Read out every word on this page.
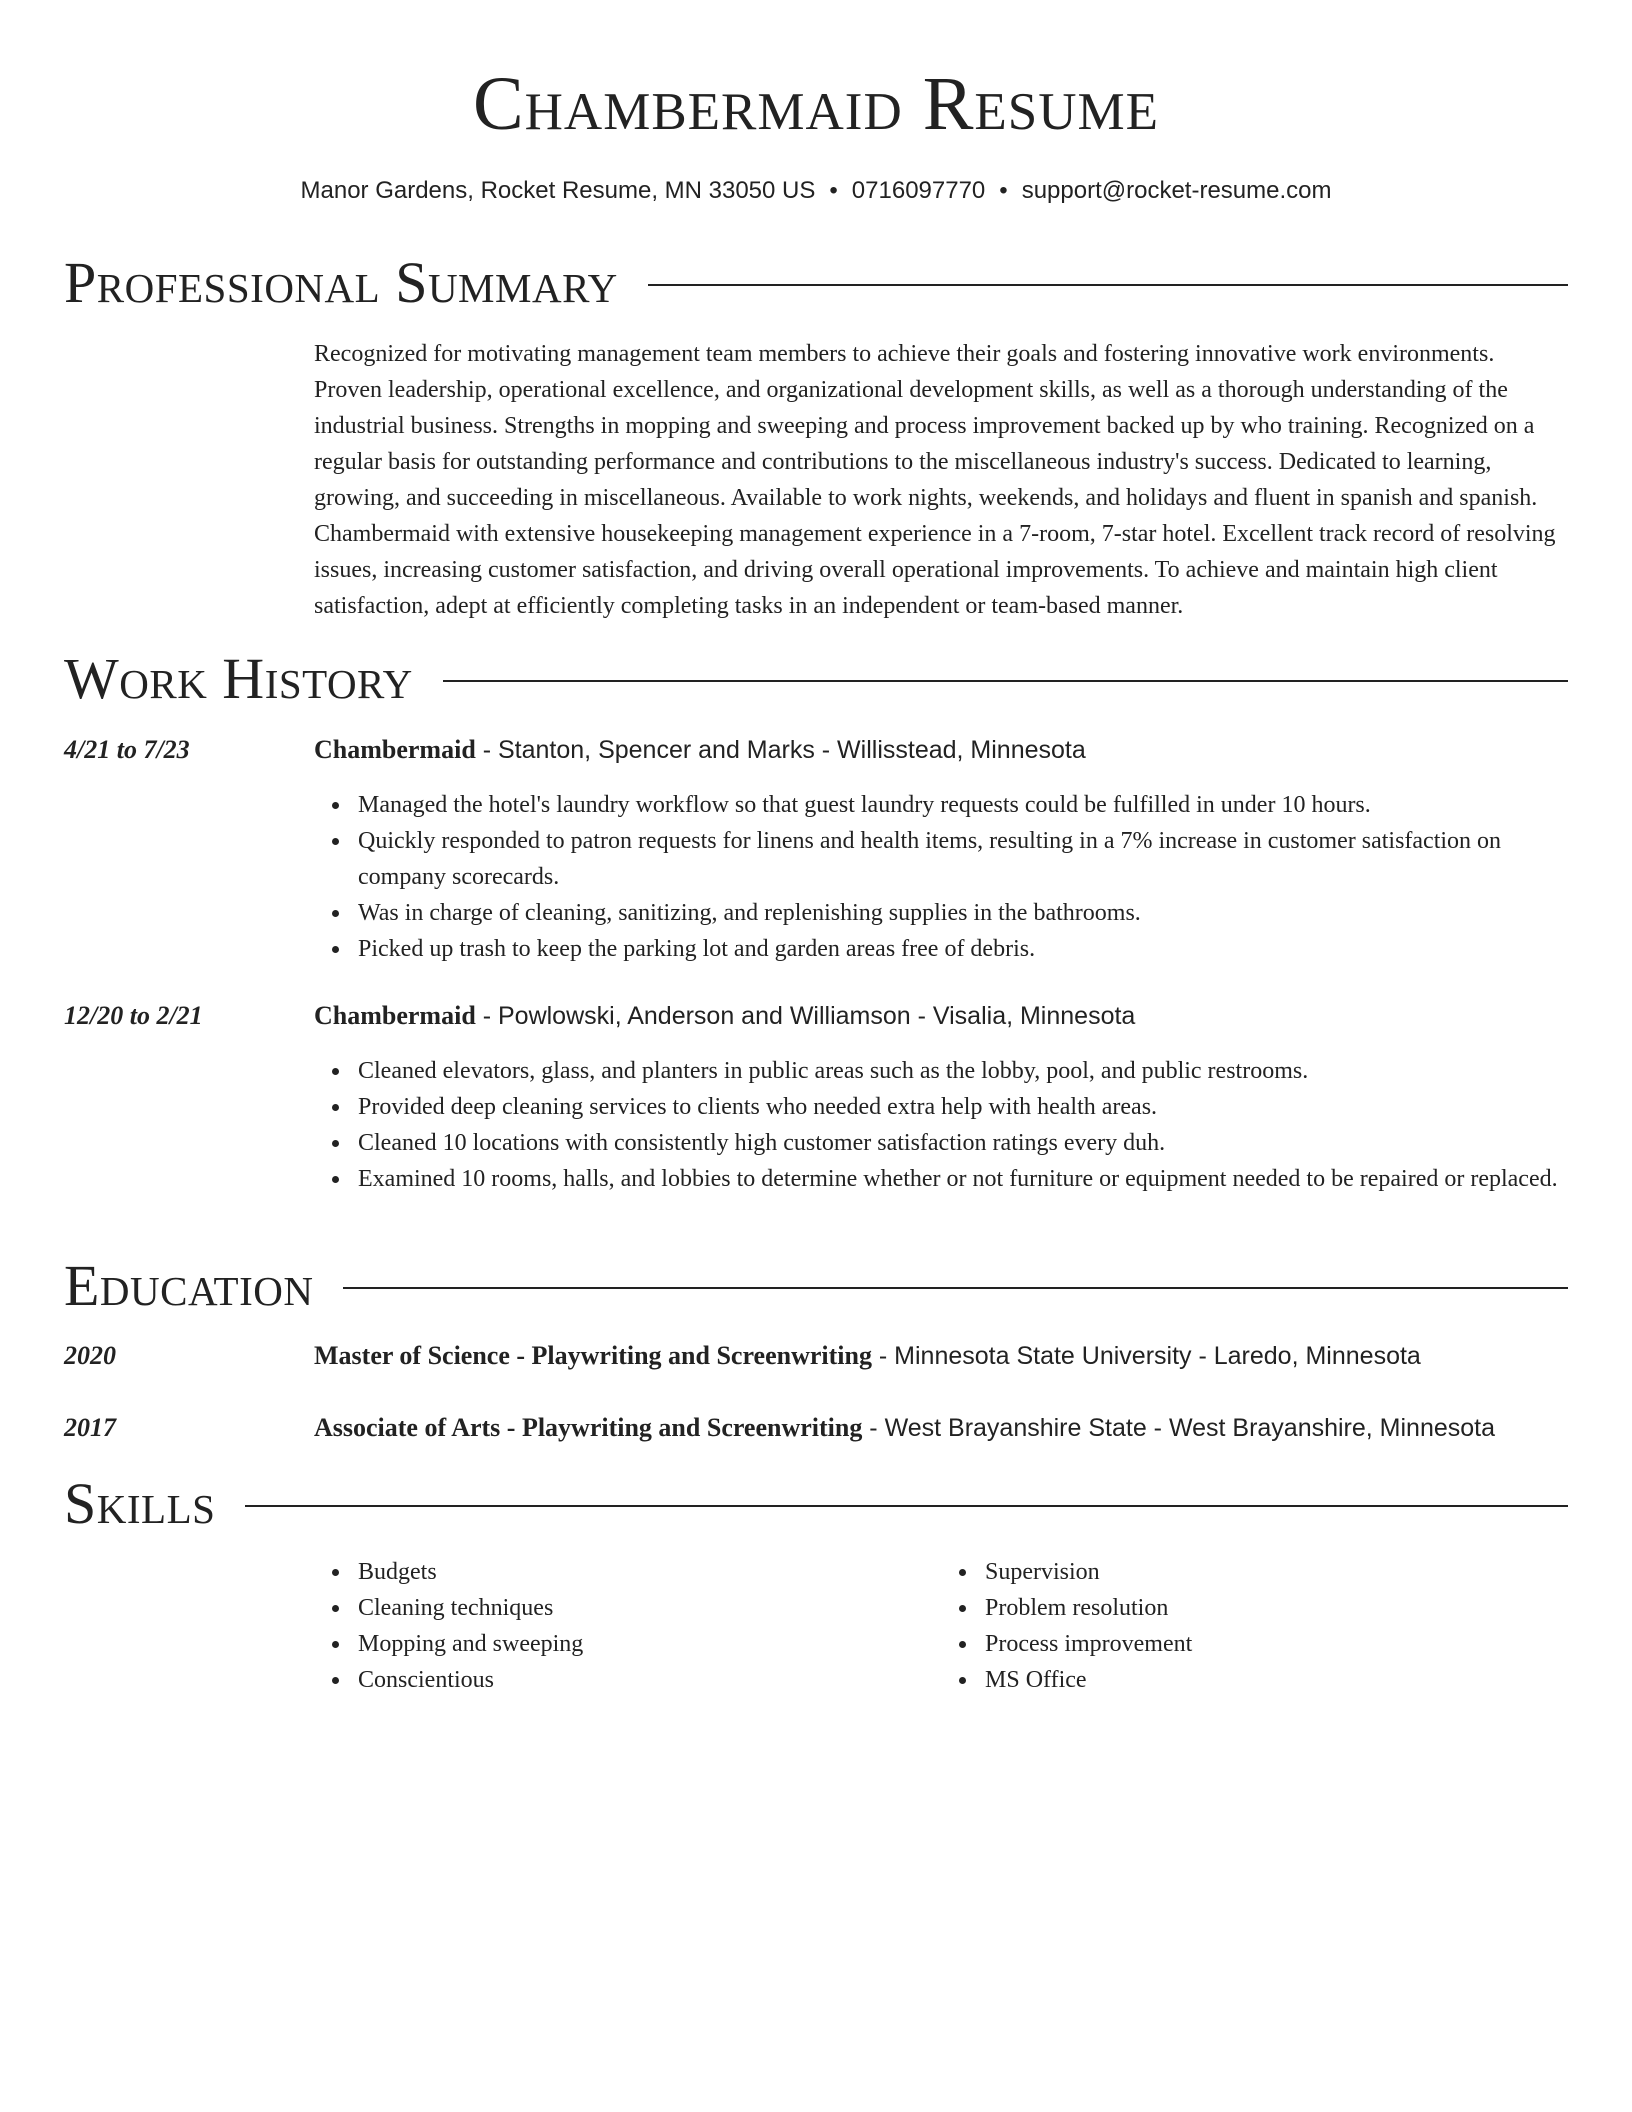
Chambermaid Resume
Manor Gardens, Rocket Resume, MN 33050 US • 0716097770 • support@rocket-resume.com
Professional Summary

Recognized for motivating management team members to achieve their goals and fostering innovative work environments. Proven leadership, operational excellence, and organizational development skills, as well as a thorough understanding of the industrial business. Strengths in mopping and sweeping and process improvement backed up by who training. Recognized on a regular basis for outstanding performance and contributions to the miscellaneous industry's success. Dedicated to learning, growing, and succeeding in miscellaneous. Available to work nights, weekends, and holidays and fluent in spanish and spanish. Chambermaid with extensive housekeeping management experience in a 7-room, 7-star hotel. Excellent track record of resolving issues, increasing customer satisfaction, and driving overall operational improvements. To achieve and maintain high client satisfaction, adept at efficiently completing tasks in an independent or team-based manner.

Work History
4/21 to 7/23	Chambermaid - Stanton, Spencer and Marks - Willisstead, Minnesota
Managed the hotel's laundry workflow so that guest laundry requests could be fulfilled in under 10 hours.
Quickly responded to patron requests for linens and health items, resulting in a 7% increase in customer satisfaction on company scorecards.
Was in charge of cleaning, sanitizing, and replenishing supplies in the bathrooms.
Picked up trash to keep the parking lot and garden areas free of debris.
12/20 to 2/21	Chambermaid - Powlowski, Anderson and Williamson - Visalia, Minnesota
Cleaned elevators, glass, and planters in public areas such as the lobby, pool, and public restrooms.
Provided deep cleaning services to clients who needed extra help with health areas.
Cleaned 10 locations with consistently high customer satisfaction ratings every duh.
Examined 10 rooms, halls, and lobbies to determine whether or not furniture or equipment needed to be repaired or replaced.
Education
2020	Master of Science - Playwriting and Screenwriting - Minnesota State University - Laredo, Minnesota
2017	Associate of Arts - Playwriting and Screenwriting - West Brayanshire State - West Brayanshire, Minnesota
Skills
Budgets
Cleaning techniques
Mopping and sweeping
Conscientious
Supervision
Problem resolution
Process improvement
MS Office
